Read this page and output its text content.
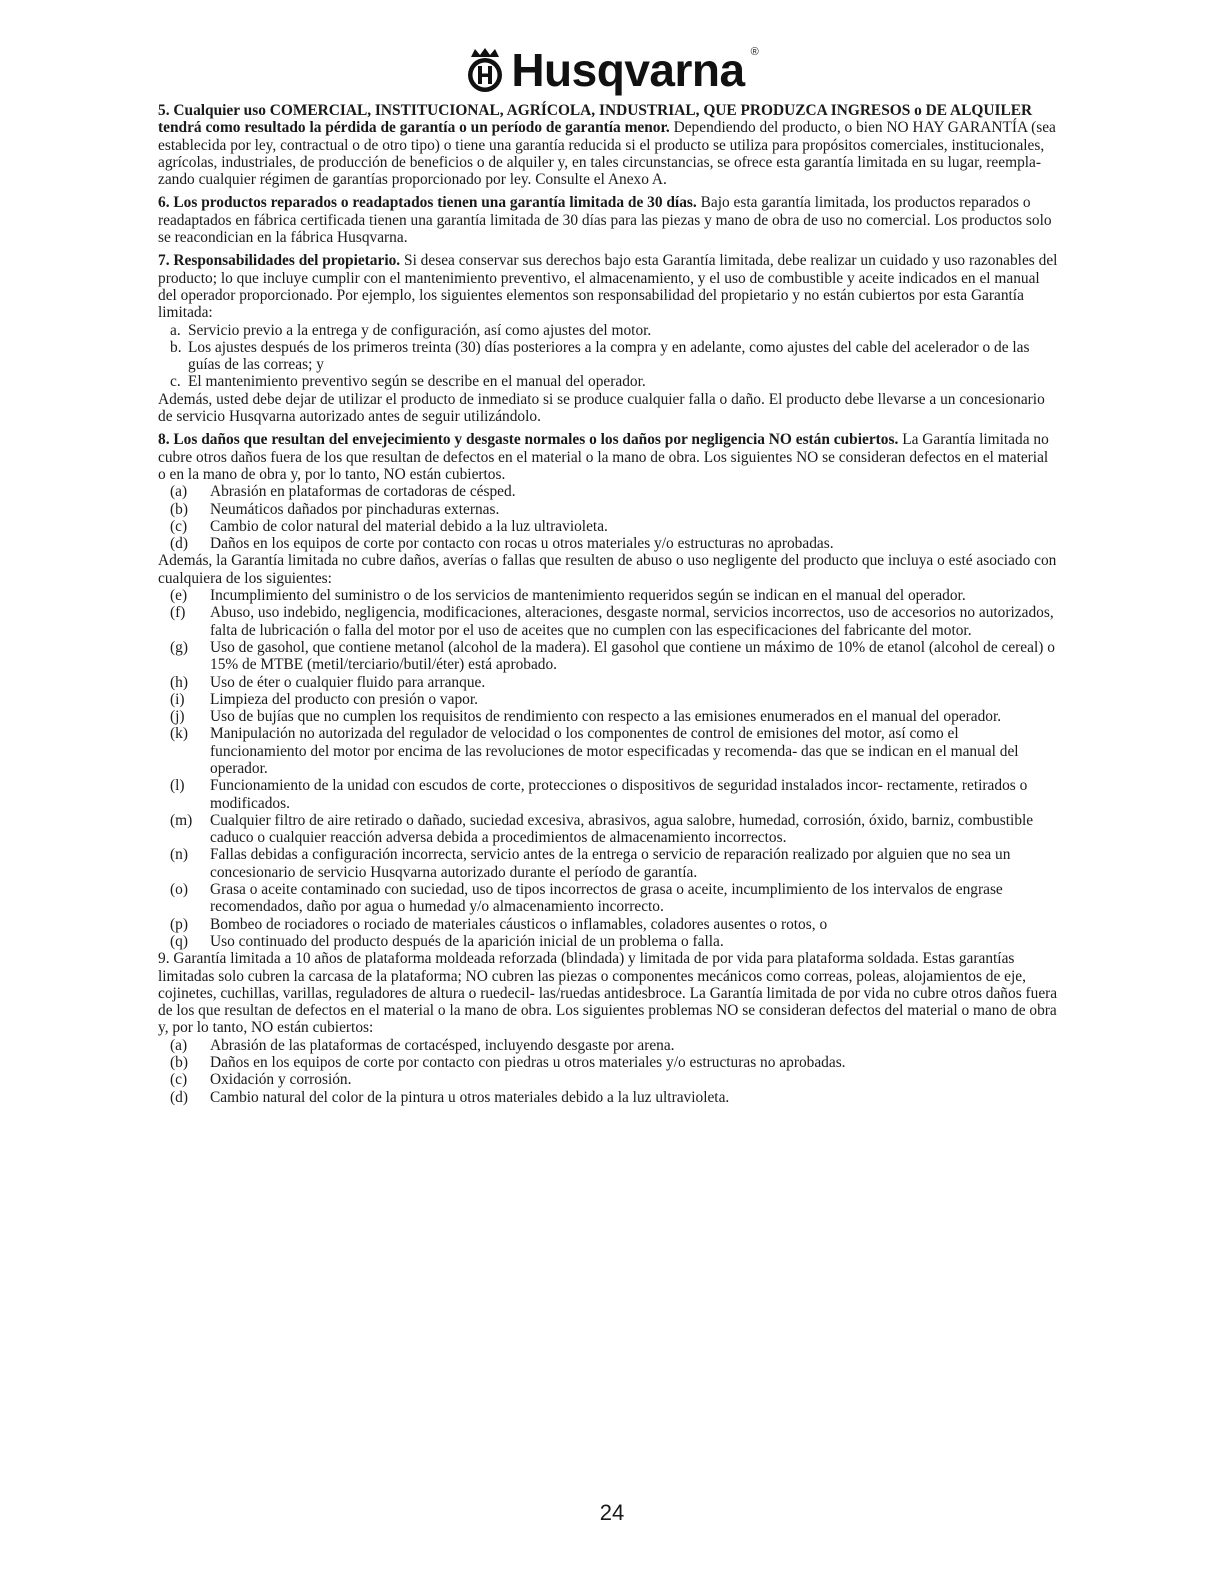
Husqvarna ®

5. Cualquier uso COMERCIAL, INSTITUCIONAL, AGRÍCOLA, INDUSTRIAL, QUE PRODUZCA INGRESOS o DE ALQUILER tendrá como resultado la pérdida de garantía o un período de garantía menor. Dependiendo del producto, o bien NO HAY GARANTÍA (sea establecida por ley, contractual o de otro tipo) o tiene una garantía reducida si el producto se utiliza para propósitos comerciales, institucionales, agrícolas, industriales, de producción de beneficios o de alquiler y, en tales circunstancias, se ofrece esta garantía limitada en su lugar, reempla- zando cualquier régimen de garantías proporcionado por ley. Consulte el Anexo A.

6. Los productos reparados o readaptados tienen una garantía limitada de 30 días. Bajo esta garantía limitada, los productos reparados o readaptados en fábrica certificada tienen una garantía limitada de 30 días para las piezas y mano de obra de uso no comercial. Los productos solo se reacondician en la fábrica Husqvarna.

7. Responsabilidades del propietario. Si desea conservar sus derechos bajo esta Garantía limitada, debe realizar un cuidado y uso razonables del producto; lo que incluye cumplir con el mantenimiento preventivo, el almacenamiento, y el uso de combustible y aceite indicados en el manual del operador proporcionado. Por ejemplo, los siguientes elementos son responsabilidad del propietario y no están cubiertos por esta Garantía limitada:

a. Servicio previo a la entrega y de configuración, así como ajustes del motor.
b. Los ajustes después de los primeros treinta (30) días posteriores a la compra y en adelante, como ajustes del cable del acelerador o de las guías de las correas; y
c. El mantenimiento preventivo según se describe en el manual del operador.

Además, usted debe dejar de utilizar el producto de inmediato si se produce cualquier falla o daño. El producto debe llevarse a un concesionario de servicio Husqvarna autorizado antes de seguir utilizándolo.

8. Los daños que resultan del envejecimiento y desgaste normales o los daños por negligencia NO están cubiertos. La Garantía limitada no cubre otros daños fuera de los que resultan de defectos en el material o la mano de obra. Los siguientes NO se consideran defectos en el material o en la mano de obra y, por lo tanto, NO están cubiertos.

(a)	Abrasión en plataformas de cortadoras de césped.
(b)	Neumáticos dañados por pinchaduras externas.
(c)	Cambio de color natural del material debido a la luz ultravioleta.
(d)	Daños en los equipos de corte por contacto con rocas u otros materiales y/o estructuras no aprobadas.

Además, la Garantía limitada no cubre daños, averías o fallas que resulten de abuso o uso negligente del producto que incluya o esté asociado con cualquiera de los siguientes:

(e)	Incumplimiento del suministro o de los servicios de mantenimiento requeridos según se indican en el manual del operador.
(f)	Abuso, uso indebido, negligencia, modificaciones, alteraciones, desgaste normal, servicios incorrectos, uso de accesorios no autorizados, falta de lubricación o falla del motor por el uso de aceites que no cumplen con las especificaciones del fabricante del motor.
(g)	Uso de gasohol, que contiene metanol (alcohol de la madera). El gasohol que contiene un máximo de 10% de etanol (alcohol de cereal) o 15% de MTBE (metil/terciario/butil/éter) está aprobado.
(h)	Uso de éter o cualquier fluido para arranque.
(i)	Limpieza del producto con presión o vapor.
(j)	Uso de bujías que no cumplen los requisitos de rendimiento con respecto a las emisiones enumerados en el manual del operador.
(k)	Manipulación no autorizada del regulador de velocidad o los componentes de control de emisiones del motor, así como el funcionamiento del motor por encima de las revoluciones de motor especificadas y recomenda- das que se indican en el manual del operador.
(l)	Funcionamiento de la unidad con escudos de corte, protecciones o dispositivos de seguridad instalados incor- rectamente, retirados o modificados.
(m)	Cualquier filtro de aire retirado o dañado, suciedad excesiva, abrasivos, agua salobre, humedad, corrosión, óxido, barniz, combustible caduco o cualquier reacción adversa debida a procedimientos de almacenamiento incorrectos.
(n)	Fallas debidas a configuración incorrecta, servicio antes de la entrega o servicio de reparación realizado por alguien que no sea un concesionario de servicio Husqvarna autorizado durante el período de garantía.
(o)	Grasa o aceite contaminado con suciedad, uso de tipos incorrectos de grasa o aceite, incumplimiento de los intervalos de engrase recomendados, daño por agua o humedad y/o almacenamiento incorrecto.
(p)	Bombeo de rociadores o rociado de materiales cáusticos o inflamables, coladores ausentes o rotos, o
(q)	Uso continuado del producto después de la aparición inicial de un problema o falla.

9. Garantía limitada a 10 años de plataforma moldeada reforzada (blindada) y limitada de por vida para plataforma soldada. Estas garantías limitadas solo cubren la carcasa de la plataforma; NO cubren las piezas o componentes mecánicos como correas, poleas, alojamientos de eje, cojinetes, cuchillas, varillas, reguladores de altura o ruedecil- las/ruedas antidesbroce. La Garantía limitada de por vida no cubre otros daños fuera de los que resultan de defectos en el material o la mano de obra. Los siguientes problemas NO se consideran defectos del material o mano de obra y, por lo tanto, NO están cubiertos:

(a)	Abrasión de las plataformas de cortacésped, incluyendo desgaste por arena.
(b)	Daños en los equipos de corte por contacto con piedras u otros materiales y/o estructuras no aprobadas.
(c)	Oxidación y corrosión.
(d)	Cambio natural del color de la pintura u otros materiales debido a la luz ultravioleta.
24
